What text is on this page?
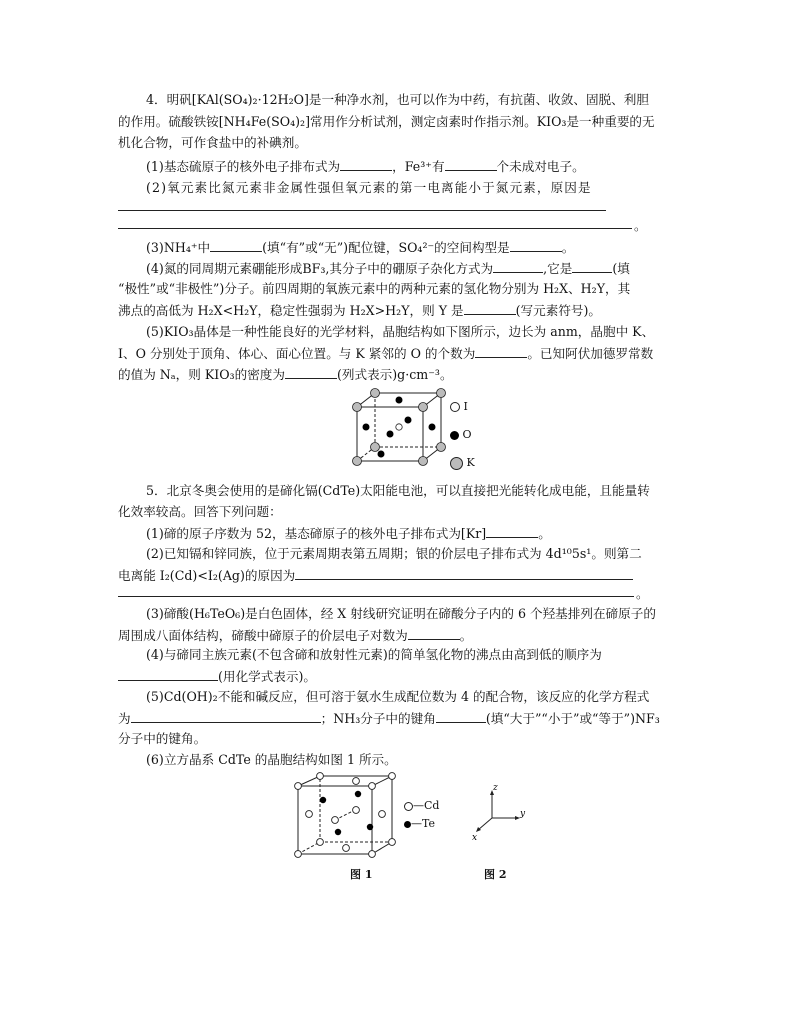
4．明矾[KAl(SO₄)₂·12H₂O]是一种净水剂，也可以作为中药，有抗菌、收敛、固脱、利胆
的作用。硫酸铁铵[NH₄Fe(SO₄)₂]常用作分析试剂，测定卤素时作指示剂。KIO₃是一种重要的无
机化合物，可作食盐中的补碘剂。
(1)基态硫原子的核外电子排布式为	，Fe³⁺有	个未成对电子。
(2)氧元素比氮元素非金属性强但氧元素的第一电离能小于氮元素，原因是
。
(3)NH₄⁺中	(填“有”或“无”)配位键，SO₄²⁻的空间构型是	。
(4)氮的同周期元素硼能形成BF₃,其分子中的硼原子杂化方式为	,它是	(填
“极性”或“非极性”)分子。前四周期的氧族元素中的两种元素的氢化物分别为 H₂X、H₂Y，其
沸点的高低为 H₂X<H₂Y，稳定性强弱为 H₂X>H₂Y，则 Y 是	(写元素符号)。
(5)KIO₃晶体是一种性能良好的光学材料，晶胞结构如下图所示，边长为 anm，晶胞中 K、
I、O 分别处于顶角、体心、面心位置。与 K 紧邻的 O 的个数为	。已知阿伏加德罗常数
的值为 Nₐ，则 KIO₃的密度为	(列式表示)g·cm⁻³。
I
O
K
5．北京冬奥会使用的是碲化镉(CdTe)太阳能电池，可以直接把光能转化成电能，且能量转
化效率较高。回答下列问题：
(1)碲的原子序数为 52，基态碲原子的核外电子排布式为[Kr]	。
(2)已知镉和锌同族，位于元素周期表第五周期；银的价层电子排布式为 4d¹⁰5s¹。则第二
电离能 I₂(Cd)<I₂(Ag)的原因为
。
(3)碲酸(H₆TeO₆)是白色固体，经 X 射线研究证明在碲酸分子内的 6 个羟基排列在碲原子的
周围成八面体结构，碲酸中碲原子的价层电子对数为	。
(4)与碲同主族元素(不包含碲和放射性元素)的简单氢化物的沸点由高到低的顺序为
(用化学式表示)。
(5)Cd(OH)₂不能和碱反应，但可溶于氨水生成配位数为 4 的配合物，该反应的化学方程式
为	；NH₃分子中的键角	(填“大于”“小于”或“等于”)NF₃
分子中的键角。
(6)立方晶系 CdTe 的晶胞结构如图 1 所示。
—Cd
—Te
z
y
x
图 1	图 2
